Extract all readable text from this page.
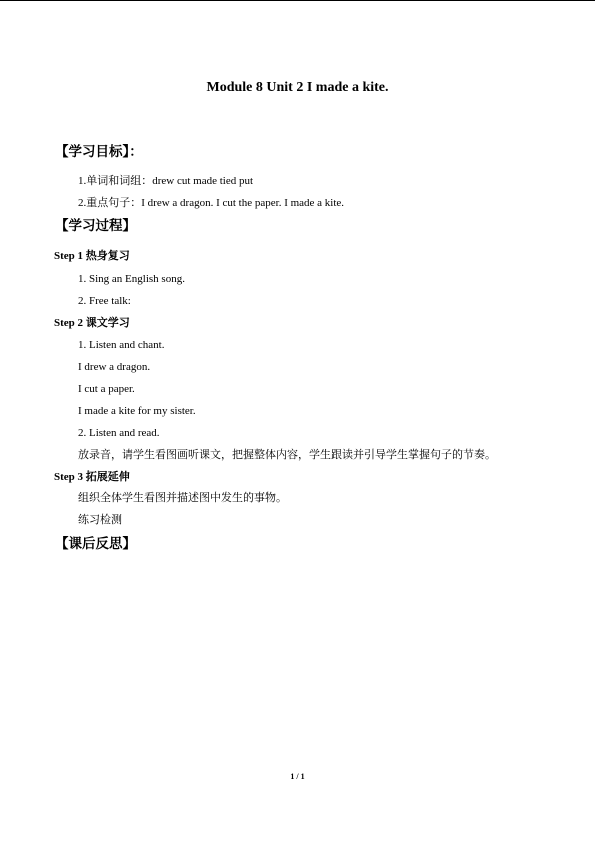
Module 8 Unit 2 I made a kite.
【学习目标】：
1.单词和词组：drew cut made tied put
2.重点句子：I drew a dragon. I cut the paper. I made a kite.
【学习过程】
Step 1 热身复习
1. Sing an English song.
2. Free talk:
Step 2 课文学习
1. Listen and chant.
I drew a dragon.
I cut a paper.
I made a kite for my sister.
2. Listen and read.
放录音，请学生看图画听课文，把握整体内容，学生跟读并引导学生掌握句子的节奏。
Step 3 拓展延伸
组织全体学生看图并描述图中发生的事物。
练习检测
【课后反思】
1 / 1
